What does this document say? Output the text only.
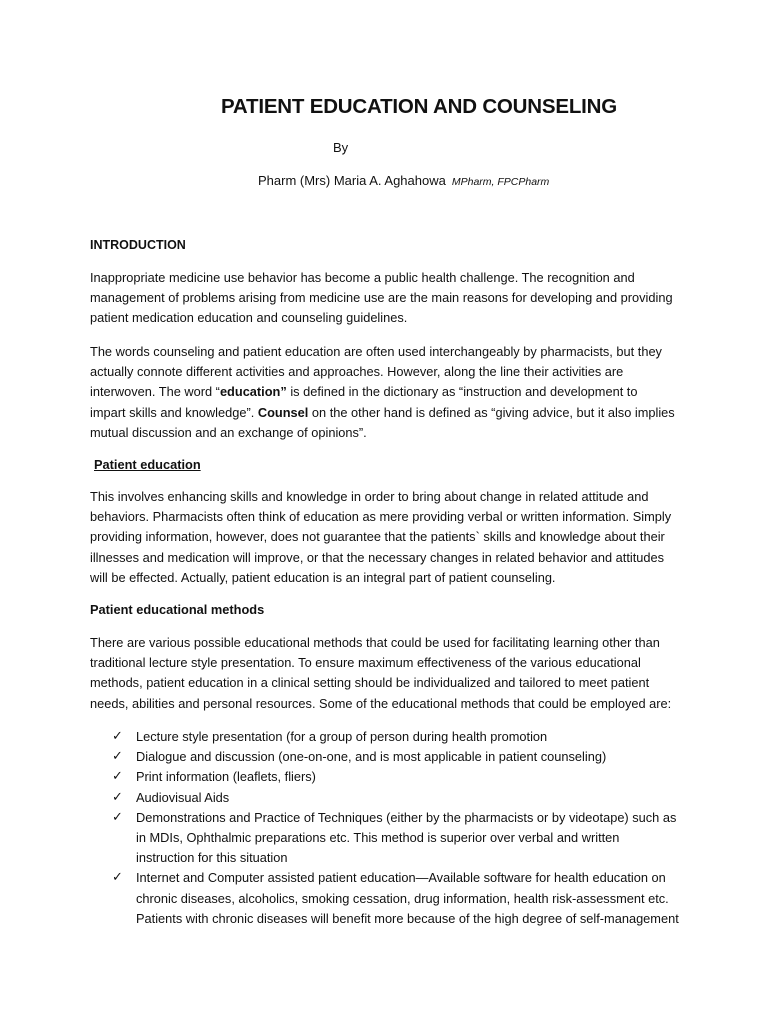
PATIENT EDUCATION AND COUNSELING

By

Pharm (Mrs) Maria A. Aghahowa MPharm, FPCPharm

INTRODUCTION

Inappropriate medicine use behavior has become a public health challenge. The recognition and
management of problems arising from medicine use are the main reasons for developing and providing
patient medication education and counseling guidelines.

The words counseling and patient education are often used interchangeably by pharmacists, but they
actually connote different activities and approaches. However, along the line their activities are
interwoven. The word “education” is defined in the dictionary as “instruction and development to
impart skills and knowledge”. Counsel on the other hand is defined as “giving advice, but it also implies
mutual discussion and an exchange of opinions”.

Patient education

This involves enhancing skills and knowledge in order to bring about change in related attitude and
behaviors. Pharmacists often think of education as mere providing verbal or written information. Simply
providing information, however, does not guarantee that the patients` skills and knowledge about their
illnesses and medication will improve, or that the necessary changes in related behavior and attitudes
will be effected. Actually, patient education is an integral part of patient counseling.

Patient educational methods

There are various possible educational methods that could be used for facilitating learning other than
traditional lecture style presentation. To ensure maximum effectiveness of the various educational
methods, patient education in a clinical setting should be individualized and tailored to meet patient
needs, abilities and personal resources. Some of the educational methods that could be employed are:

✓ Lecture style presentation (for a group of person during health promotion
✓ Dialogue and discussion (one-on-one, and is most applicable in patient counseling)
✓ Print information (leaflets, fliers)
✓ Audiovisual Aids
✓ Demonstrations and Practice of Techniques (either by the pharmacists or by videotape) such as
in MDIs, Ophthalmic preparations etc. This method is superior over verbal and written
instruction for this situation
✓ Internet and Computer assisted patient education—Available software for health education on
chronic diseases, alcoholics, smoking cessation, drug information, health risk-assessment etc.
Patients with chronic diseases will benefit more because of the high degree of self-management
